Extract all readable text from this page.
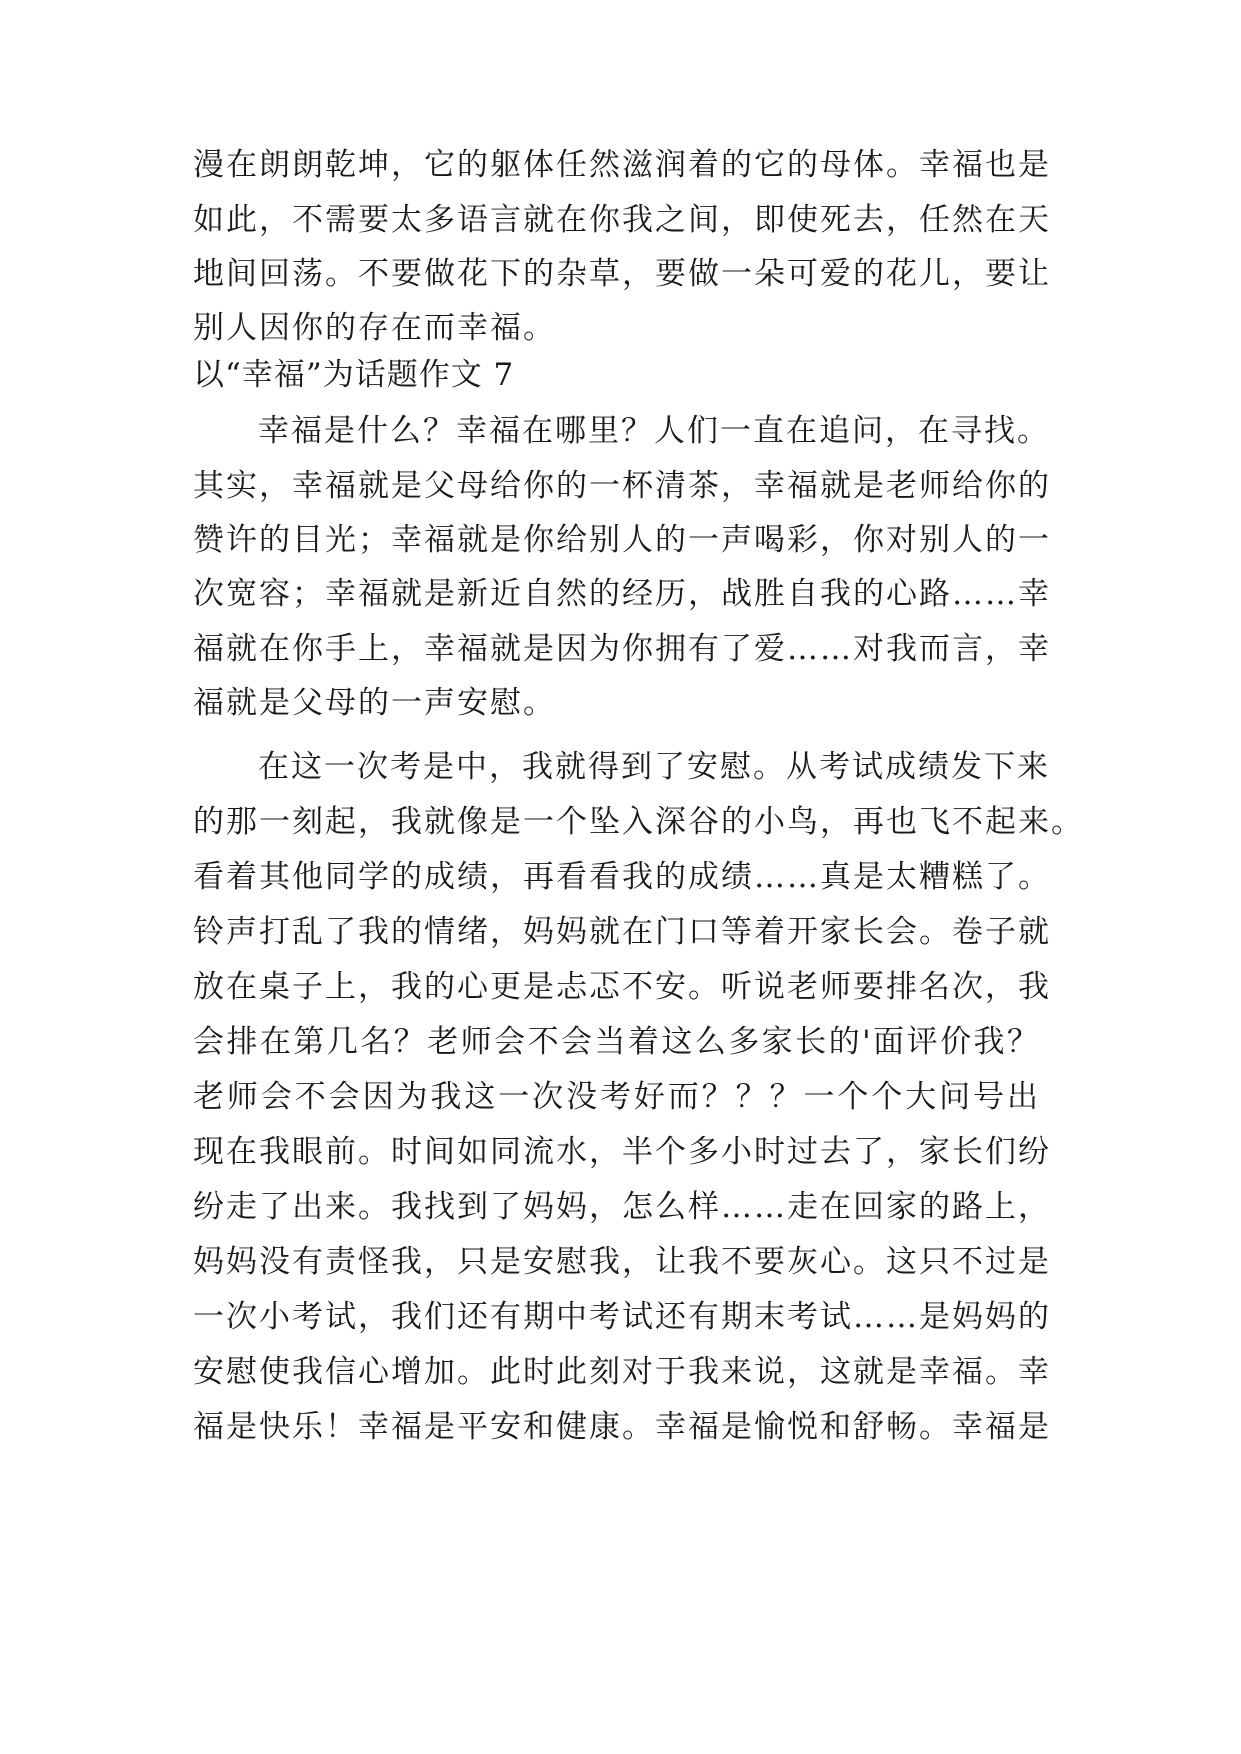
漫在朗朗乾坤，它的躯体任然滋润着的它的母体。幸福也是
如此，不需要太多语言就在你我之间，即使死去，任然在天
地间回荡。不要做花下的杂草，要做一朵可爱的花儿，要让
别人因你的存在而幸福。
以“幸福”为话题作文 7
幸福是什么？幸福在哪里？人们一直在追问，在寻找。
其实，幸福就是父母给你的一杯清茶，幸福就是老师给你的
赞许的目光；幸福就是你给别人的一声喝彩，你对别人的一
次宽容；幸福就是新近自然的经历，战胜自我的心路……幸
福就在你手上，幸福就是因为你拥有了爱……对我而言，幸
福就是父母的一声安慰。
在这一次考是中，我就得到了安慰。从考试成绩发下来
的那一刻起，我就像是一个坠入深谷的小鸟，再也飞不起来。
看着其他同学的成绩，再看看我的成绩……真是太糟糕了。
铃声打乱了我的情绪，妈妈就在门口等着开家长会。卷子就
放在桌子上，我的心更是忐忑不安。听说老师要排名次，我
会排在第几名？老师会不会当着这么多家长的'面评价我？
老师会不会因为我这一次没考好而？？？一个个大问号出
现在我眼前。时间如同流水，半个多小时过去了，家长们纷
纷走了出来。我找到了妈妈，怎么样……走在回家的路上，
妈妈没有责怪我，只是安慰我，让我不要灰心。这只不过是
一次小考试，我们还有期中考试还有期末考试……是妈妈的
安慰使我信心增加。此时此刻对于我来说，这就是幸福。幸
福是快乐！幸福是平安和健康。幸福是愉悦和舒畅。幸福是
